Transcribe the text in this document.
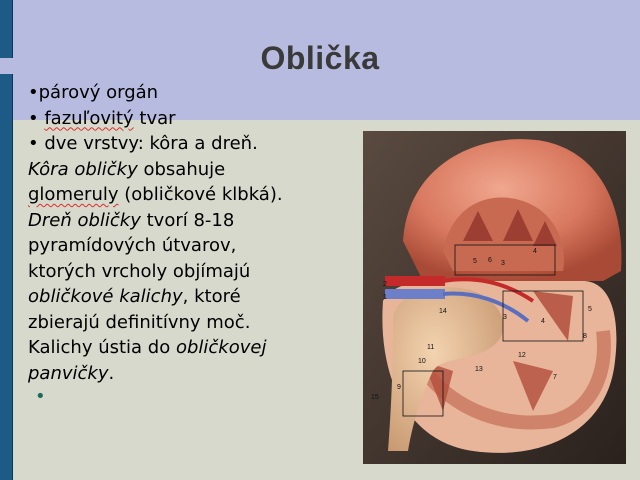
Oblička
•párový orgán
• fazuľovitý tvar
• dve vrstvy: kôra a dreň.
Kôra obličky obsahuje
glomeruly (obličkové klbká).
Dreň obličky tvorí 8-18
pyramídových útvarov,
ktorých vrcholy objímajú
obličkové kalichy, ktoré
zbierajú definitívny moč.
Kalichy ústia do obličkovej
panvičky.
•
1
2
3
3
4
4
5
5
6
7
8
9
10
11
12
13
14
15
